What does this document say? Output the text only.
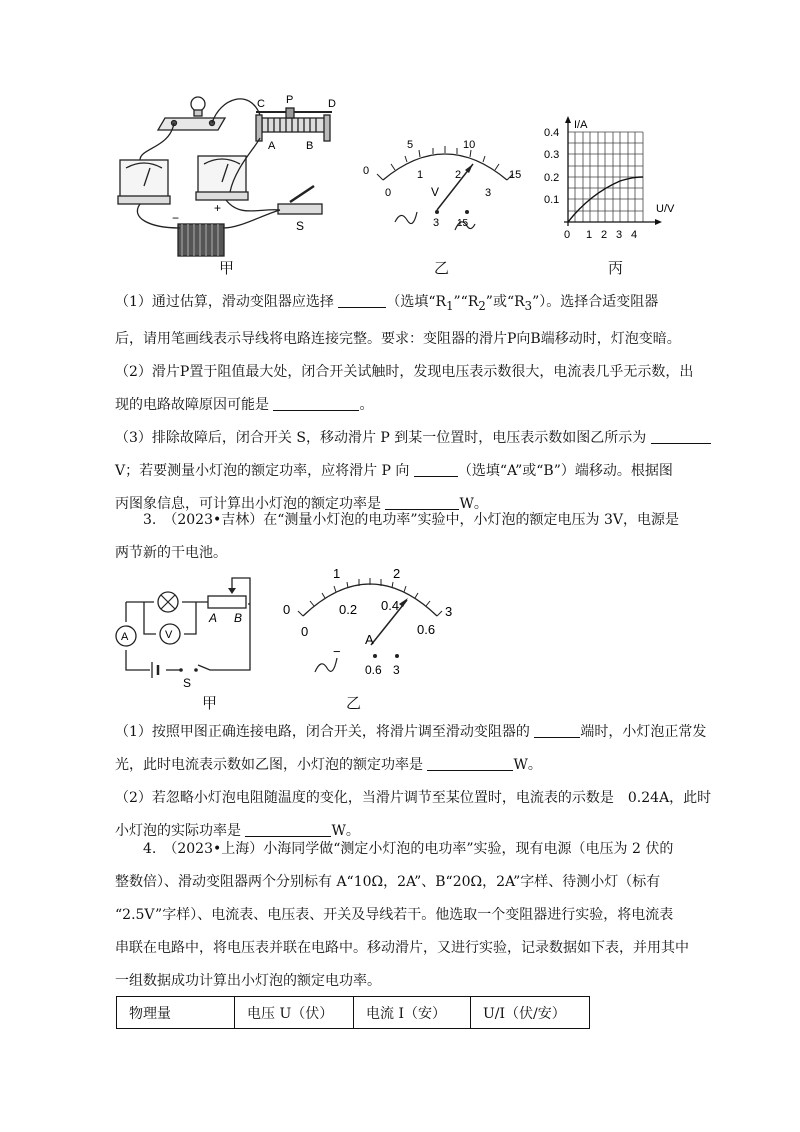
C P	D
A	B
S
+
−
甲
0
5	10
15
0
1	2
3
V
3 15
乙
I/A
U/V
0.4
0.3
0.2
0.1
0 1 2 3 4
丙

（1）通过估算，滑动变阻器应选择	（选填“$R_1”“R_2$”或“$R_3$”）。选择合适变阻器

后，请用笔画线表示导线将电路连接完整。要求：变阻器的滑片P向B端移动时，灯泡变暗。

（2）滑片P置于阻值最大处，闭合开关试触时，发现电压表示数很大，电流表几乎无示数，出

现的电路故障原因可能是	。

（3）排除故障后，闭合开关 S，移动滑片 P 到某一位置时，电压表示数如图乙所示为

V；若要测量小灯泡的额定功率，应将滑片 P 向	（选填“A”或“B”）端移动。根据图

丙图象信息，可计算出小灯泡的额定功率是	W。

3.　（2023•吉林）在“测量小灯泡的电功率”实验中，小灯泡的额定电压为 3V，电源是

两节新的干电池。

A	V
A B
S
甲
0
1	2
3
0
0.2 0.4
0.6
A
−
0.6 3
乙

（1）按照甲图正确连接电路，闭合开关，将滑片调至滑动变阻器的	端时，小灯泡正常发

光，此时电流表示数如乙图，小灯泡的额定功率是	W。

（2）若忽略小灯泡电阻随温度的变化，当滑片调节至某位置时，电流表的示数是　0.24A，此时

小灯泡的实际功率是	W。

4.　（2023•上海）小海同学做“测定小灯泡的电功率”实验，现有电源（电压为 2 伏的

整数倍）、滑动变阻器两个分别标有 A“10Ω，2A”、B“20Ω，2A”字样、待测小灯（标有

“2.5V”字样）、电流表、电压表、开关及导线若干。他选取一个变阻器进行实验，将电流表

串联在电路中，将电压表并联在电路中。移动滑片，又进行实验，记录数据如下表，并用其中

一组数据成功计算出小灯泡的额定电功率。

物理量	电压 U（伏）	电流 I（安）	U/I（伏/安）
